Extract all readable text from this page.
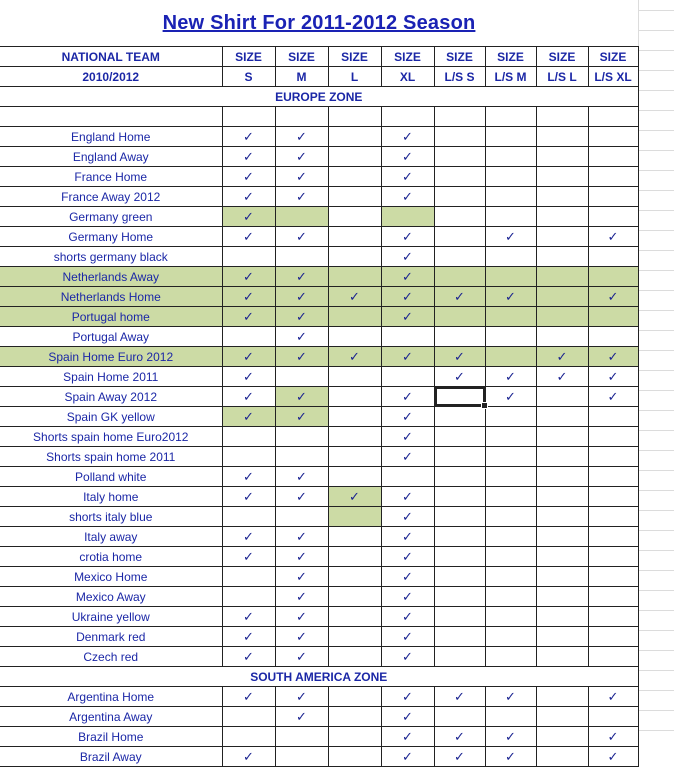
New Shirt For 2011-2012 Season
NATIONAL TEAM	SIZE	SIZE	SIZE	SIZE	SIZE	SIZE	SIZE	SIZE
2010/2012	S	M	L	XL	L/S S	L/S M	L/S L	L/S XL
EUROPE ZONE								

England Home	✓	✓		✓				
England Away	✓	✓		✓				
France Home	✓	✓		✓				
France Away 2012	✓	✓		✓				
Germany green	✓							
Germany Home	✓	✓		✓		✓		✓
shorts germany black				✓				
Netherlands Away	✓	✓		✓				
Netherlands Home	✓	✓	✓	✓	✓	✓		✓
Portugal home	✓	✓		✓				
Portugal Away		✓						
Spain Home Euro 2012	✓	✓	✓	✓	✓		✓	✓
Spain Home 2011	✓				✓	✓	✓	✓
Spain Away 2012	✓	✓		✓		✓		✓
Spain GK yellow	✓	✓		✓				
Shorts spain home Euro2012				✓				
Shorts spain home 2011				✓				
Polland white	✓	✓						
Italy home	✓	✓	✓	✓				
shorts italy blue				✓				
Italy away	✓	✓		✓				
crotia home	✓	✓		✓				
Mexico Home		✓		✓				
Mexico Away		✓		✓				
Ukraine yellow	✓	✓		✓				
Denmark red	✓	✓		✓				
Czech red	✓	✓		✓				
SOUTH AMERICA ZONE								
Argentina Home	✓	✓		✓	✓	✓		✓
Argentina Away		✓		✓				
Brazil Home				✓	✓	✓		✓
Brazil Away	✓			✓	✓	✓		✓
